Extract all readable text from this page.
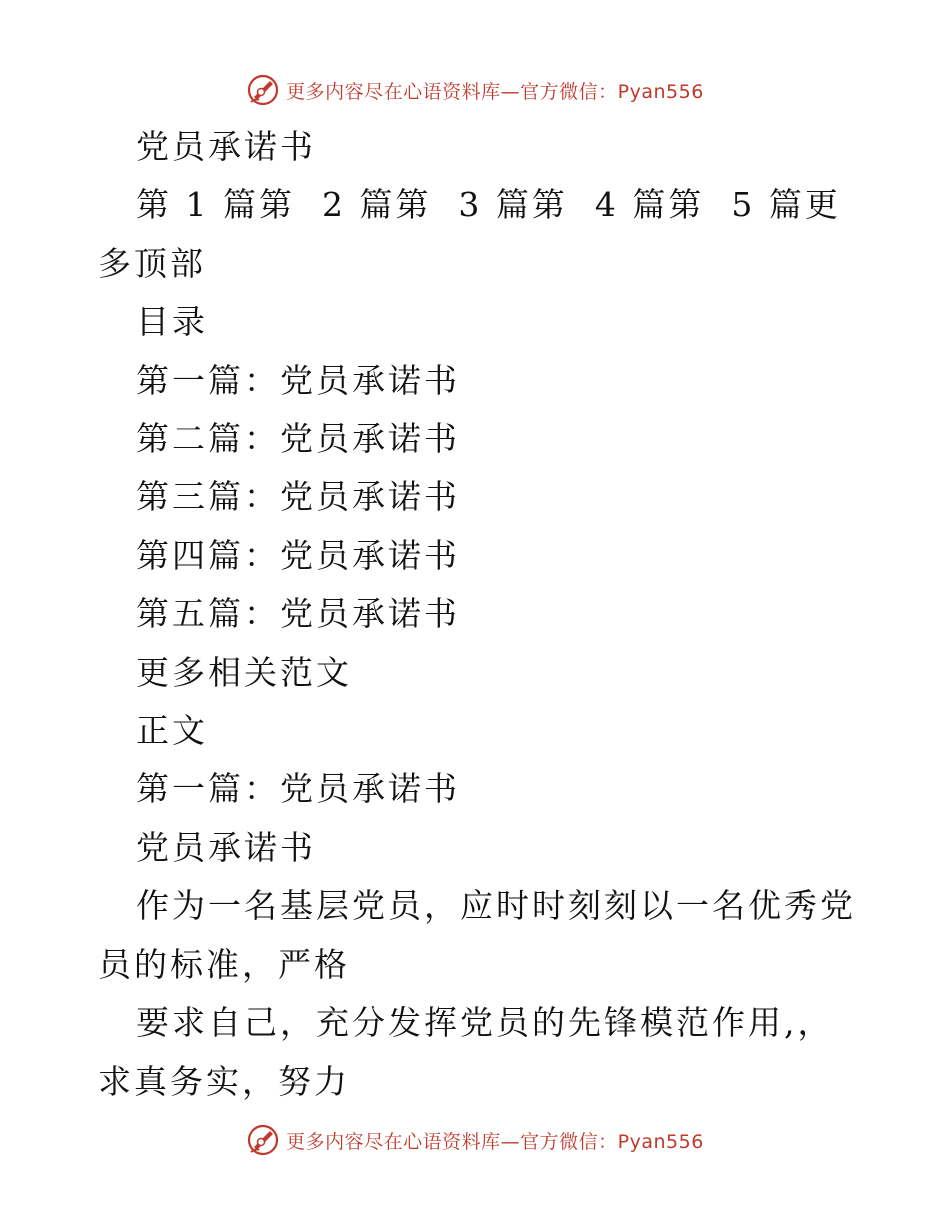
更多内容尽在心语资料库—官方微信：Pyan556

党员承诺书

第 1 篇第  2 篇第  3 篇第  4 篇第  5 篇更多顶部

目录

第一篇：党员承诺书

第二篇：党员承诺书

第三篇：党员承诺书

第四篇：党员承诺书

第五篇：党员承诺书

更多相关范文

正文

第一篇：党员承诺书

党员承诺书

作为一名基层党员，应时时刻刻以一名优秀党员的标准，严格

要求自己，充分发挥党员的先锋模范作用,，求真务实，努力

更多内容尽在心语资料库—官方微信：Pyan556
